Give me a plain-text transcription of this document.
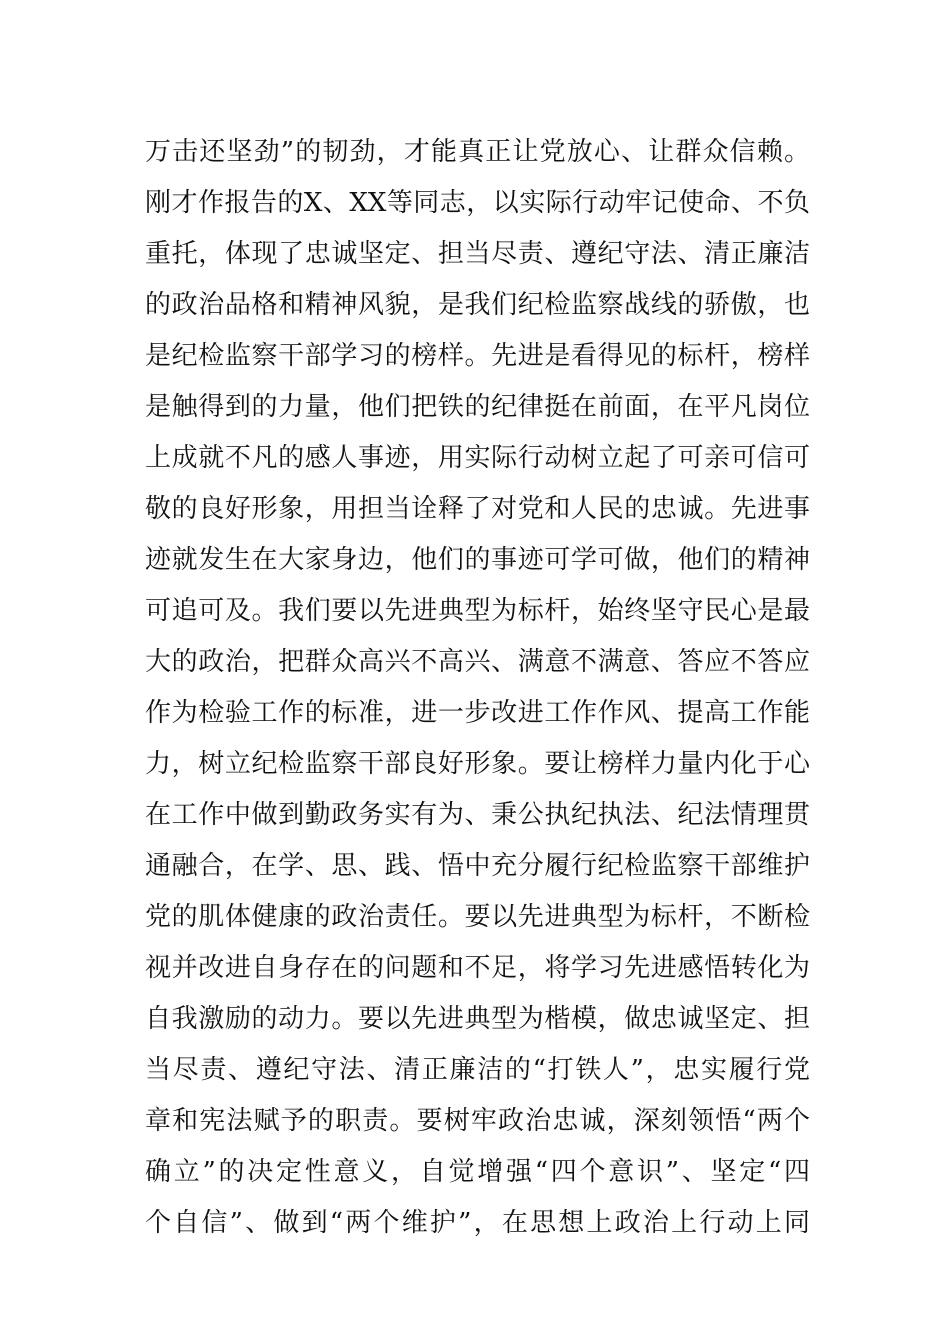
万击还坚劲”的韧劲，才能真正让党放心、让群众信赖。
刚才作报告的X、XX等同志，以实际行动牢记使命、不负
重托，体现了忠诚坚定、担当尽责、遵纪守法、清正廉洁
的政治品格和精神风貌，是我们纪检监察战线的骄傲，也
是纪检监察干部学习的榜样。先进是看得见的标杆，榜样
是触得到的力量，他们把铁的纪律挺在前面，在平凡岗位
上成就不凡的感人事迹，用实际行动树立起了可亲可信可
敬的良好形象，用担当诠释了对党和人民的忠诚。先进事
迹就发生在大家身边，他们的事迹可学可做，他们的精神
可追可及。我们要以先进典型为标杆，始终坚守民心是最
大的政治，把群众高兴不高兴、满意不满意、答应不答应
作为检验工作的标准，进一步改进工作作风、提高工作能
力，树立纪检监察干部良好形象。要让榜样力量内化于心
在工作中做到勤政务实有为、秉公执纪执法、纪法情理贯
通融合，在学、思、践、悟中充分履行纪检监察干部维护
党的肌体健康的政治责任。要以先进典型为标杆，不断检
视并改进自身存在的问题和不足，将学习先进感悟转化为
自我激励的动力。要以先进典型为楷模，做忠诚坚定、担
当尽责、遵纪守法、清正廉洁的“打铁人”，忠实履行党
章和宪法赋予的职责。要树牢政治忠诚，深刻领悟“两个
确立”的决定性意义，自觉增强“四个意识”、坚定“四
个自信”、做到“两个维护”，在思想上政治上行动上同
